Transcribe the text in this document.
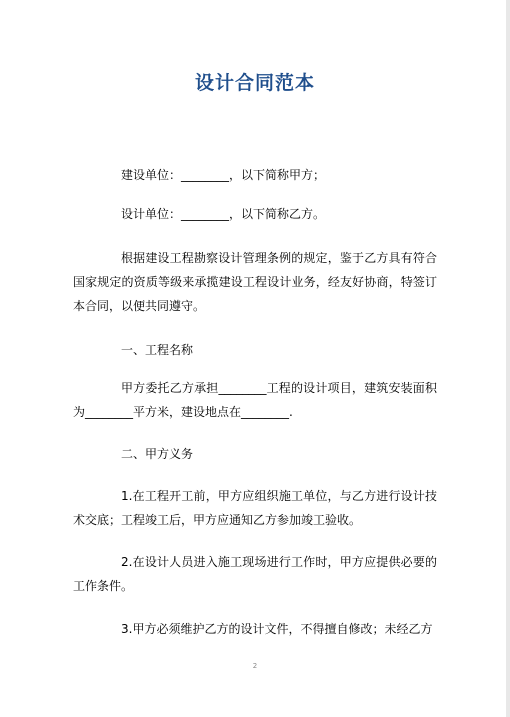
设计合同范本
建设单位：________，以下简称甲方；
设计单位：________，以下简称乙方。
根据建设工程勘察设计管理条例的规定，鉴于乙方具有符合国家规定的资质等级来承揽建设工程设计业务，经友好协商，特签订本合同，以便共同遵守。
一、工程名称
甲方委托乙方承担________工程的设计项目，建筑安装面积为________平方米，建设地点在________.
二、甲方义务
1.在工程开工前，甲方应组织施工单位，与乙方进行设计技术交底；工程竣工后，甲方应通知乙方参加竣工验收。
2.在设计人员进入施工现场进行工作时，甲方应提供必要的工作条件。
3.甲方必须维护乙方的设计文件，不得擅自修改；未经乙方
2
